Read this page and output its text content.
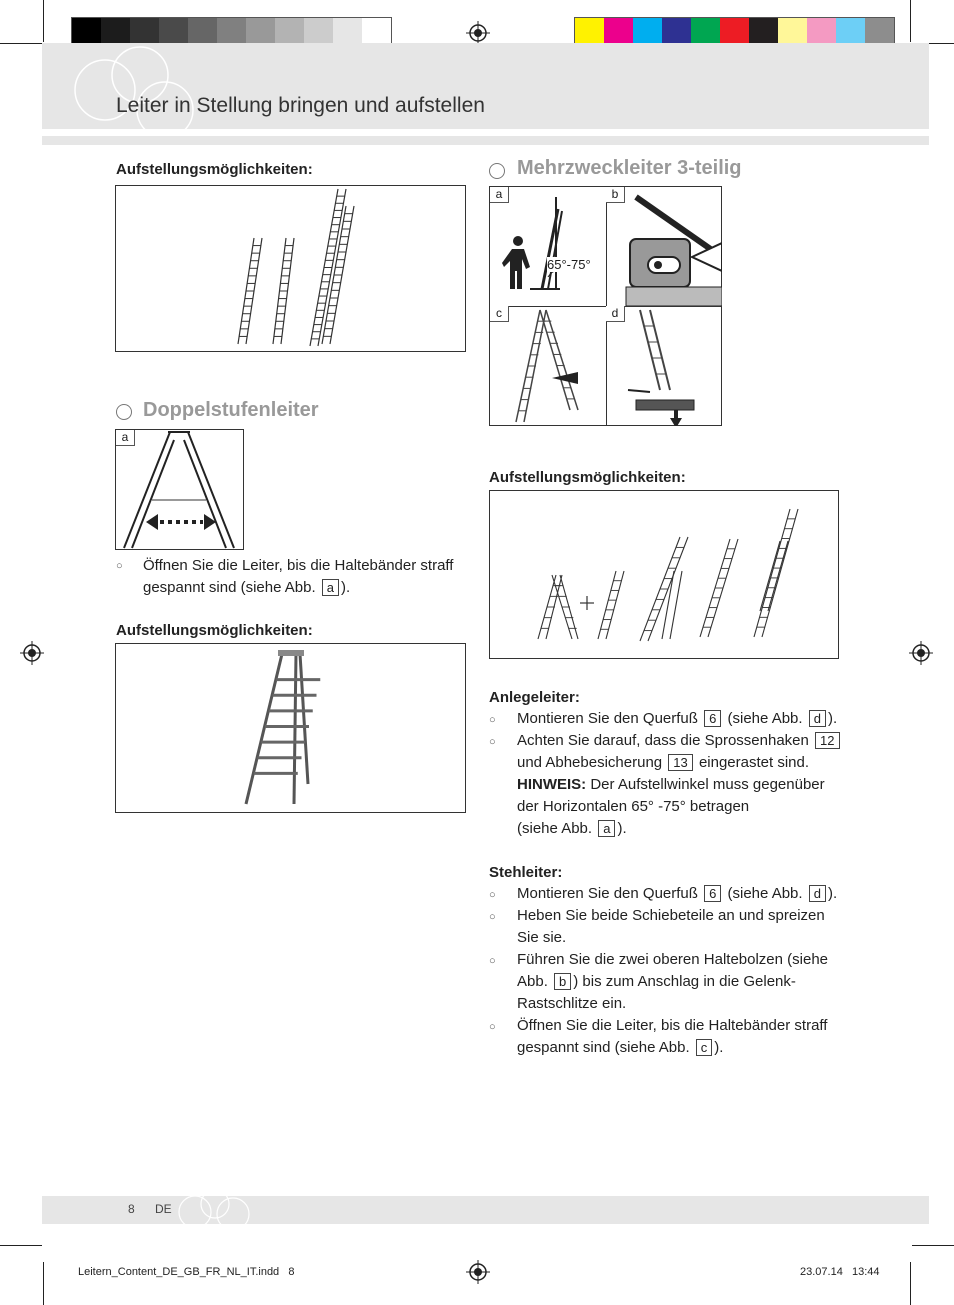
Leiter in Stellung bringen und aufstellen
Aufstellungsmöglichkeiten:
Doppelstufenleiter
a
○ Öffnen Sie die Leiter, bis die Haltebänder straff
gespannt sind (siehe Abb. a ).
Aufstellungsmöglichkeiten:
Mehrzweckleiter 3-teilig
a
65°-75°
b
c	d
Aufstellungsmöglichkeiten:
Anlegeleiter:
○ Montieren Sie den Querfuß 6 (siehe Abb. d ).
○ Achten Sie darauf, dass die Sprossenhaken 12
und Abhebesicherung 13 eingerastet sind.
HINWEIS: Der Aufstellwinkel muss gegenüber
der Horizontalen 65° -75° betragen
(siehe Abb. a ).
Stehleiter:
○ Montieren Sie den Querfuß 6 (siehe Abb. d ).
○ Heben Sie beide Schiebeteile an und spreizen
Sie sie.
○ Führen Sie die zwei oberen Haltebolzen (siehe
Abb. b ) bis zum Anschlag in die Gelenk-
Rastschlitze ein.
○ Öffnen Sie die Leiter, bis die Haltebänder straff
gespannt sind (siehe Abb. c ).
8 DE
Leitern_Content_DE_GB_FR_NL_IT.indd 8	23.07.14 13:44
